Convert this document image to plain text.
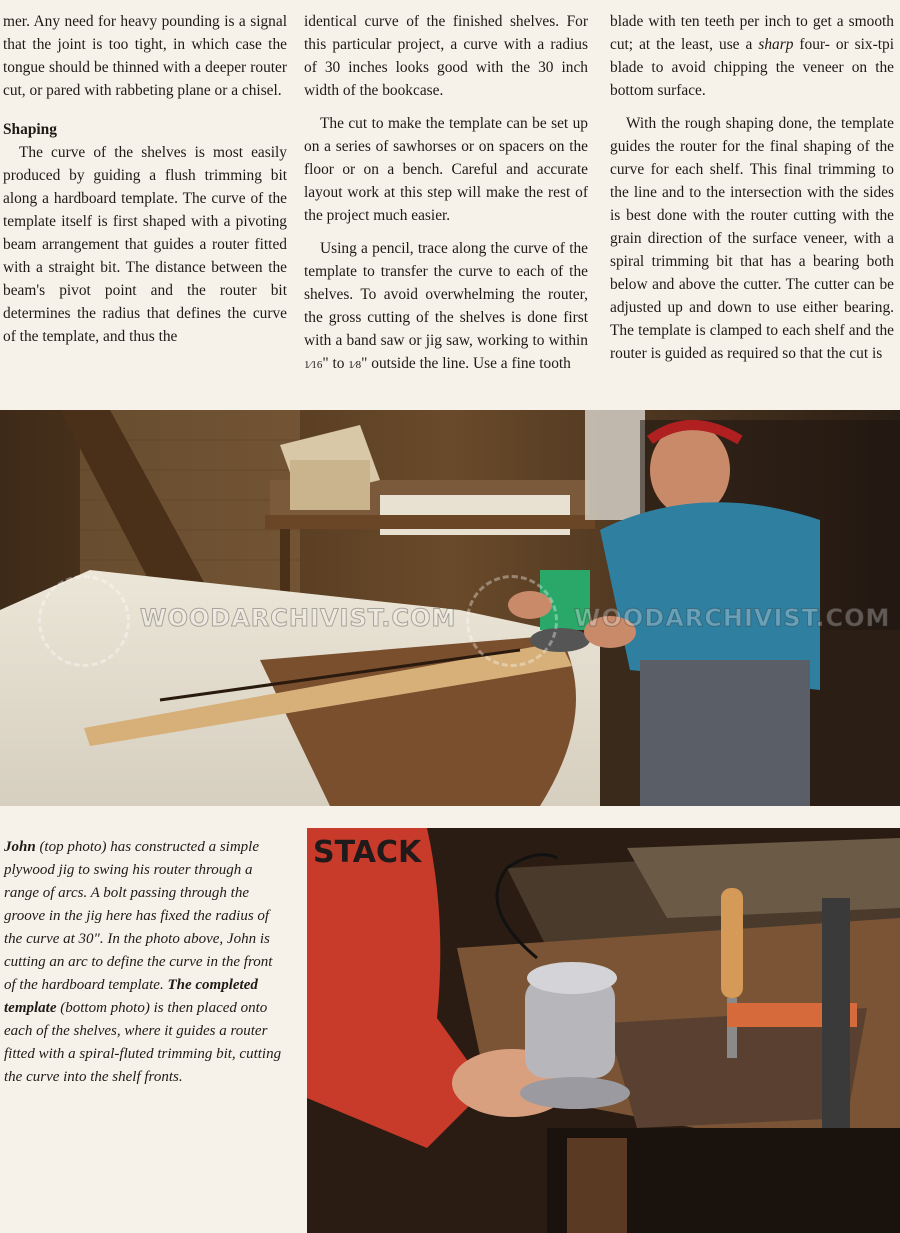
mer. Any need for heavy pounding is a signal that the joint is too tight, in which case the tongue should be thinned with a deeper router cut, or pared with rabbeting plane or a chisel.

Shaping

The curve of the shelves is most easily produced by guiding a flush trimming bit along a hardboard template. The curve of the template itself is first shaped with a pivoting beam arrangement that guides a router fitted with a straight bit. The distance between the beam's pivot point and the router bit determines the radius that defines the curve of the template, and thus the

identical curve of the finished shelves. For this particular project, a curve with a radius of 30 inches looks good with the 30 inch width of the bookcase.

The cut to make the template can be set up on a series of sawhorses or on spacers on the floor or on a bench. Careful and accurate layout work at this step will make the rest of the project much easier.

Using a pencil, trace along the curve of the template to transfer the curve to each of the shelves. To avoid overwhelming the router, the gross cutting of the shelves is done first with a band saw or jig saw, working to within 1⁄16" to 1⁄8" outside the line. Use a fine tooth

blade with ten teeth per inch to get a smooth cut; at the least, use a sharp four- or six-tpi blade to avoid chipping the veneer on the bottom surface.

With the rough shaping done, the template guides the router for the final shaping of the curve for each shelf. This final trimming to the line and to the intersection with the sides is best done with the router cutting with the grain direction of the surface veneer, with a spiral trimming bit that has a bearing both below and above the cutter. The cutter can be adjusted up and down to use either bearing. The template is clamped to each shelf and the router is guided as required so that the cut is

WOODARCHIVIST.COM	WOODARCHIVIST.COM
John (top photo) has constructed a simple plywood jig to swing his router through a range of arcs. A bolt passing through the groove in the jig here has fixed the radius of the curve at 30". In the photo above, John is cutting an arc to define the curve in the front of the hardboard template. The completed template (bottom photo) is then placed onto each of the shelves, where it guides a router fitted with a spiral-fluted trimming bit, cutting the curve into the shelf fronts.
STACK
